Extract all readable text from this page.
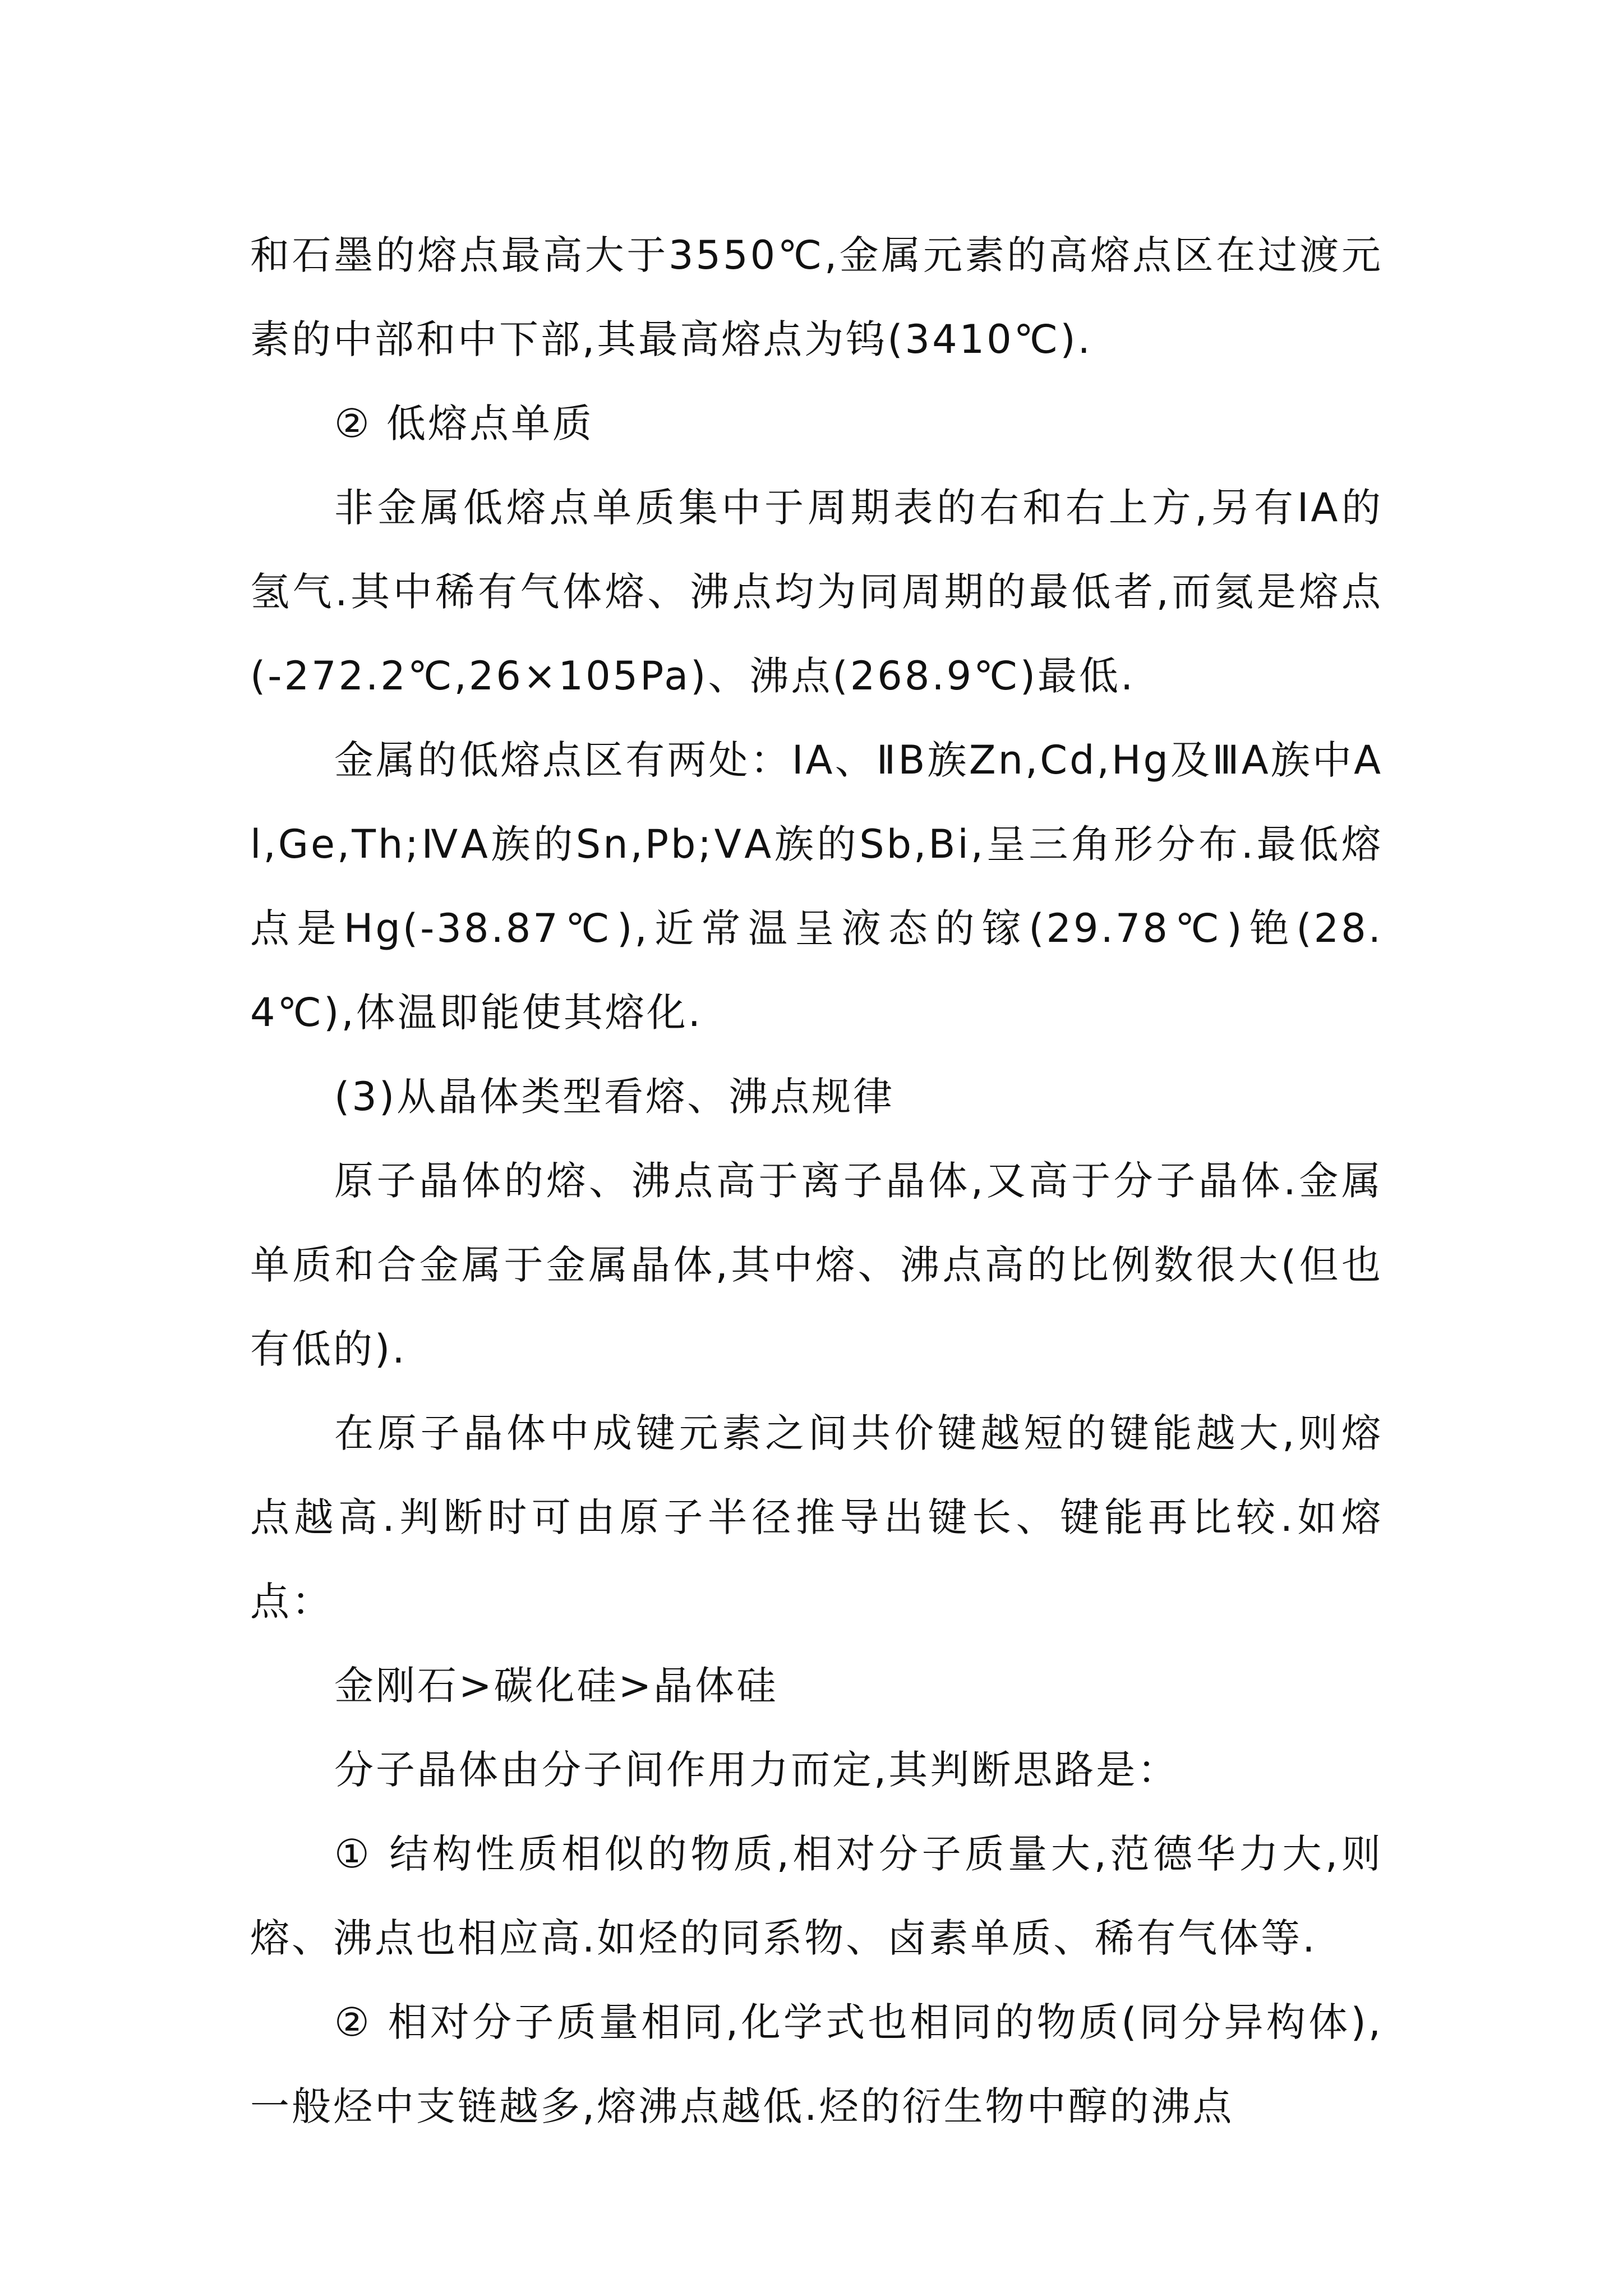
和石墨的熔点最高大于3550℃,金属元素的高熔点区在过渡元素的中部和中下部,其最高熔点为钨(3410℃).

② 低熔点单质

非金属低熔点单质集中于周期表的右和右上方,另有IA的氢气.其中稀有气体熔、沸点均为同周期的最低者,而氦是熔点(-272.2℃,26×105Pa)、沸点(268.9℃)最低.

金属的低熔点区有两处：IA、ⅡB族Zn,Cd,Hg及ⅢA族中Al,Ge,Th;ⅣA族的Sn,Pb;ⅤA族的Sb,Bi,呈三角形分布.最低熔点是Hg(-38.87℃),近常温呈液态的镓(29.78℃)铯(28.4℃),体温即能使其熔化.

(3)从晶体类型看熔、沸点规律

原子晶体的熔、沸点高于离子晶体,又高于分子晶体.金属单质和合金属于金属晶体,其中熔、沸点高的比例数很大(但也有低的).

在原子晶体中成键元素之间共价键越短的键能越大,则熔点越高.判断时可由原子半径推导出键长、键能再比较.如熔点：

金刚石>碳化硅>晶体硅

分子晶体由分子间作用力而定,其判断思路是：

① 结构性质相似的物质,相对分子质量大,范德华力大,则熔、沸点也相应高.如烃的同系物、卤素单质、稀有气体等.

② 相对分子质量相同,化学式也相同的物质(同分异构体),一般烃中支链越多,熔沸点越低.烃的衍生物中醇的沸点
